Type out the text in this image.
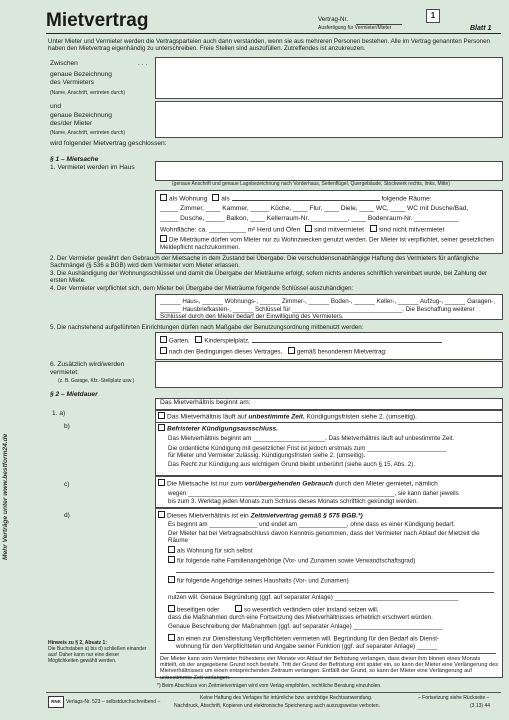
Mehr Verträge unter www.bestform24.de
Mietvertrag	Vertrag-Nr.
Ausfertigung für Vermieter/Mieter
1
Blatt 1
Unter Mieter und Vermieter werden die Vertragsparteien auch dann verstanden, wenn sie aus mehreren Personen bestehen. Alle im Vertrag genannten Personen haben den Mietvertrag eigenhändig zu unterschreiben. Freie Stellen sind auszufüllen. Zutreffendes ist anzukreuzen.
Zwischen	. . .
genaue Bezeichnung
des Vermieters
(Name, Anschrift, vertreten durch)
und
genaue Bezeichnung
des/der Mieter
(Name, Anschrift, vertreten durch)
wird folgender Mietvertrag geschlossen:
§ 1 – Mietsache
1. Vermietet werden im Haus
(genaue Anschrift und genaue Lagebezeichnung nach Vorderhaus, Seitenflügel, Quergebäude, Stockwerk rechts, links, Mitte)
als Wohnung als	folgende Räume:
_____ Zimmer, ____ Kammer, _____ Küche, ____ Flur, ____ Diele, ____ WC, ____ WC mit Dusche/Bad,
_____ Dusche, _____ Balkon, ____ Kellerraum-Nr. __________, ____ Bodenraum-Nr. ____________
Wohnfläche: ca. __________ m² Herd und Öfen sind mitvermietet sind nicht mitvermietet
Die Mieträume dürfen vom Mieter nur zu Wohnzwecken genutzt werden. Der Mieter ist verpflichtet, seiner gesetzlichen Meldepflicht nachzukommen.
2. Der Vermieter gewährt den Gebrauch der Mietsache in dem Zustand bei Übergabe. Die verschuldensunabhängige Haftung des Vermieters für anfängliche Sachmängel (§ 536 a BGB) wird dem Vermieter vom Mieter erlassen.
3. Die Aushändigung der Wohnungsschlüssel und damit die Übergabe der Mieträume erfolgt, sofern nichts anderes schriftlich vereinbart wurde, bei Zahlung der ersten Miete.
4. Der Vermieter verpflichtet sich, dem Mieter bei Übergabe der Mieträume folgende Schlüssel auszuhändigen:
______ Haus-, ______ Wohnungs-, ______ Zimmer-, ______ Boden-, ______ Keller-, ______ Aufzug-, ______ Garagen-,
______ Hausbriefkasten-, ______ Schlüssel für ________________________________. Die Beschaffung weiterer Schlüssel durch den Mieter bedarf der Einwilligung des Vermieters.
5. Die nachstehend aufgeführten Einrichtungen dürfen nach Maßgabe der Benutzungsordnung mitbenutzt werden:
Garten, Kinderspielplatz,
nach den Bedingungen dieses Vertrages, gemäß besonderem Mietvertrag:
6. Zusätzlich wird/werden
vermietet:
(z. B. Garage, Kfz.-Stellplatz usw.)
§ 2 – Mietdauer
Das Mietverhältnis beginnt am:
1. a)	Das Mietverhältnis läuft auf unbestimmte Zeit. Kündigungsfristen siehe 2. (umseitig).
b)	Befristeter Kündigungsausschluss.
Das Mietverhältnis beginnt am _____________________. Das Mietverhältnis läuft auf unbestimmte Zeit.
Die ordentliche Kündigung mit gesetzlicher Frist ist jedoch erstmals zum _______________________
für Mieter und Vermieter zulässig. Kündigungsfristen siehe 2. (umseitig).
Das Recht zur Kündigung aus wichtigem Grund bleibt unberührt (siehe auch § 15, Abs. 2).
c)	Die Mietsache ist nur zum vorübergehenden Gebrauch durch den Mieter gemietet, nämlich
wegen ____________________________________________________________, sie kann daher jeweils
bis zum 3. Werktag jeden Monats zum Schluss dieses Monats schriftlich gekündigt werden.
d)	Dieses Mietverhältnis ist ein Zeitmietvertrag gemäß § 575 BGB.*)
Es beginnt am ______________ und endet am ______________, ohne dass es einer Kündigung bedarf.
Der Mieter hat bei Vertragsabschluss davon Kenntnis genommen, dass der Vermieter nach Ablauf der Mietzeit die Räume
als Wohnung für sich selbst
für folgende nahe Familienangehörige (Vor- und Zunamen sowie Verwandtschaftsgrad)
für folgende Angehörige seines Haushalts (Vor- und Zunamen)
nutzen will. Genaue Begründung (ggf. auf separater Anlage) ____________________________________
beseitigen oder	so wesentlich verändern oder instand setzen will,
dass die Maßnahmen durch eine Fortsetzung des Mietverhältnisses erheblich erschwert würden.
Genaue Beschreibung der Maßnahmen (ggf. auf separater Anlage) __________________________
an einen zur Dienstleistung Verpflichteten vermieten will. Begründung für den Bedarf als Dienst-
wohnung für den Verpflichteten und Angabe seiner Funktion (ggf. auf separater Anlage) ______
Der Mieter kann vom Vermieter frühestens vier Monate vor Ablauf der Befristung verlangen, dass dieser ihm binnen eines Monats mitteilt, ob der angegebene Grund noch besteht. Tritt der Grund der Befristung erst später ein, so kann der Mieter eine Verlängerung des Mietverhältnisses um einen entsprechenden Zeitraum verlangen. Entfällt der Grund, so kann der Mieter eine Verlängerung auf unbestimmte Zeit verlangen.
Hinweis zu § 2, Absatz 1:
Die Buchstaben a) bis d) schließen einander aus! Daher kann nur eine dieser Möglichkeiten gewählt werden.
*) Beim Abschluss von Zeitmietverträgen wird vom Verlag empfohlen, rechtliche Beratung einzuholen.
RNK	Verlags-Nr. 523 – selbstdurchschreibend –
Keine Haftung des Verlages für irrtümliche bzw. unrichtige Rechtsanwendung.
Nachdruck, Abschrift, Kopieren und elektronische Speicherung auch auszugsweise verboten.
– Fortsetzung siehe Rückseite –
(3.13) 44
